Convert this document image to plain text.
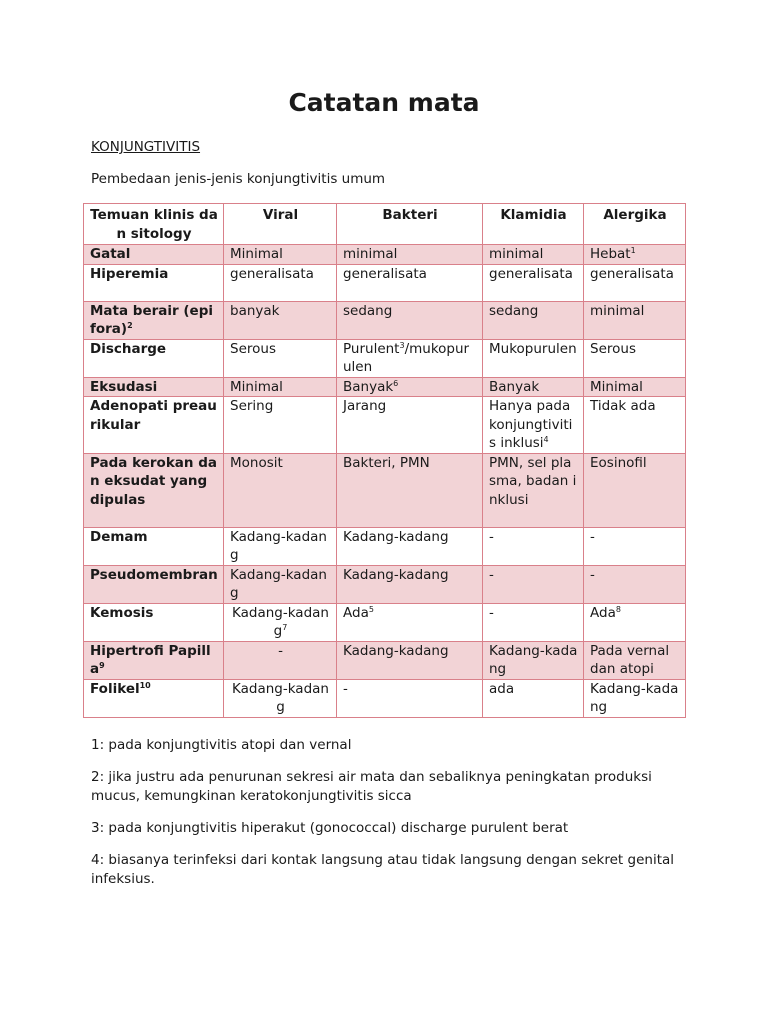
Catatan mata
KONJUNGTIVITIS
Pembedaan jenis-jenis konjungtivitis umum
Temuan klinis dan sitology	Viral	Bakteri	Klamidia	Alergika
Gatal	Minimal	minimal	minimal	Hebat$^1$
Hiperemia	generalisata	generalisata	generalisata	generalisata
Mata berair (epifora)$^2$	banyak	sedang	sedang	minimal
Discharge	Serous	Purulent$^3$/mukopurulen	Mukopurulen	Serous
Eksudasi	Minimal	Banyak$^6$	Banyak	Minimal
Adenopati preaurikular	Sering	Jarang	Hanya pada konjungtivitis inklusi$^4$	Tidak ada
Pada kerokan dan eksudat yang dipulas	Monosit	Bakteri, PMN	PMN, sel plasma, badan inklusi	Eosinofil
Demam	Kadang-kadang	Kadang-kadang	-	-
Pseudomembran	Kadang-kadang	Kadang-kadang	-	-
Kemosis	Kadang-kadang$^7$	Ada$^5$	-	Ada$^8$
Hipertrofi Papilla$^9$	-	Kadang-kadang	Kadang-kadang	Pada vernal dan atopi
Folikel$^{10}$	Kadang-kadang	-	ada	Kadang-kadang

1: pada konjungtivitis atopi dan vernal

2: jika justru ada penurunan sekresi air mata dan sebaliknya peningkatan produksi mucus, kemungkinan keratokonjungtivitis sicca

3: pada konjungtivitis hiperakut (gonococcal) discharge purulent berat

4: biasanya terinfeksi dari kontak langsung atau tidak langsung dengan sekret genital infeksius.
